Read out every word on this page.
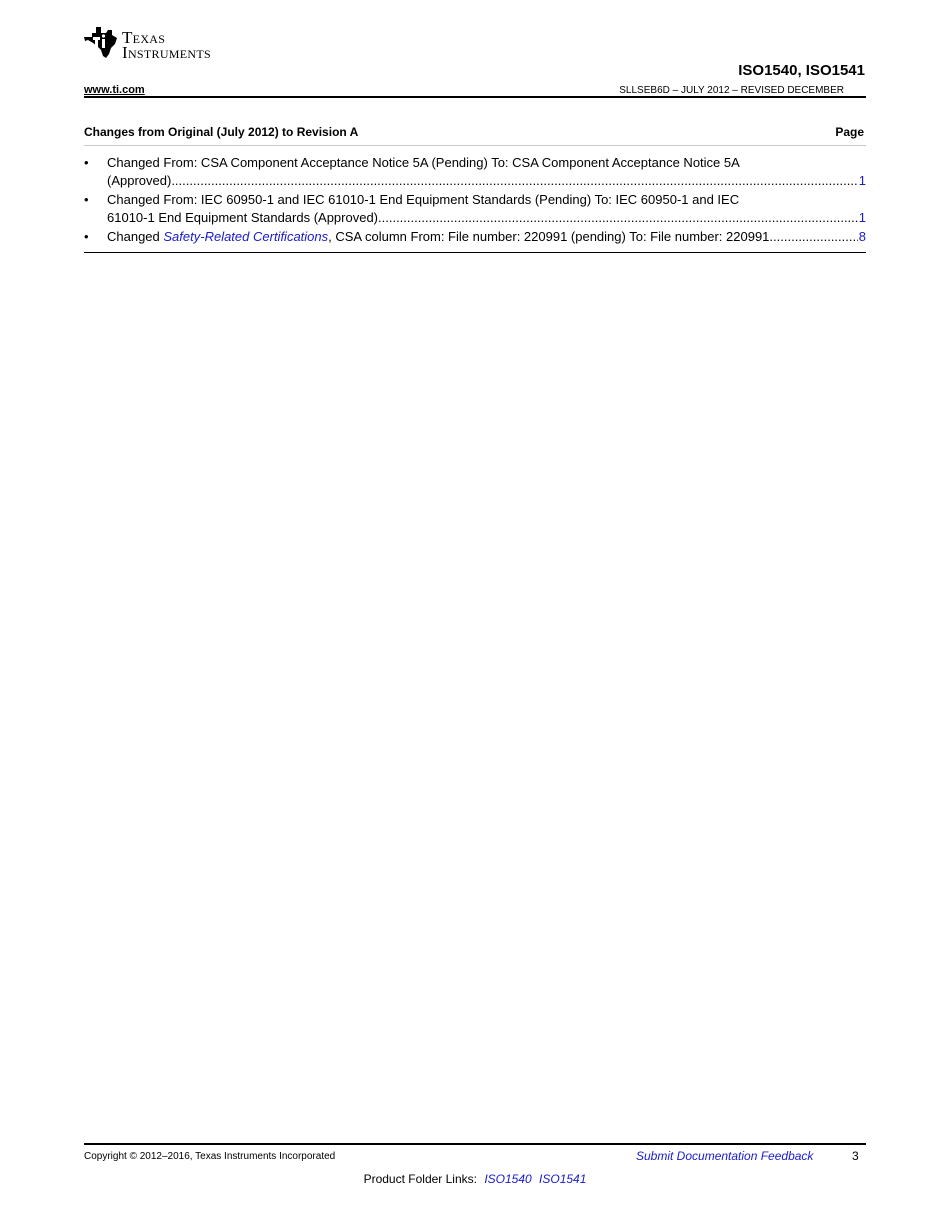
Texas
Instruments
ISO1540, ISO1541
www.ti.com	SLLSEB6D – JULY 2012 – REVISED DECEMBER
Changes from Original (July 2012) to Revision A	Page
• Changed From: CSA Component Acceptance Notice 5A (Pending) To: CSA Component Acceptance Notice 5A
(Approved) .....	1
• Changed From: IEC 60950-1 and IEC 61010-1 End Equipment Standards (Pending) To: IEC 60950-1 and IEC
61010-1 End Equipment Standards (Approved) .....	1
• Changed Safety-Related Certifications , CSA column From: File number: 220991 (pending) To: File number: 220991 .....	8
Copyright © 2012–2016, Texas Instruments Incorporated	Submit Documentation Feedback	3
Product Folder Links: ISO1540 ISO1541
